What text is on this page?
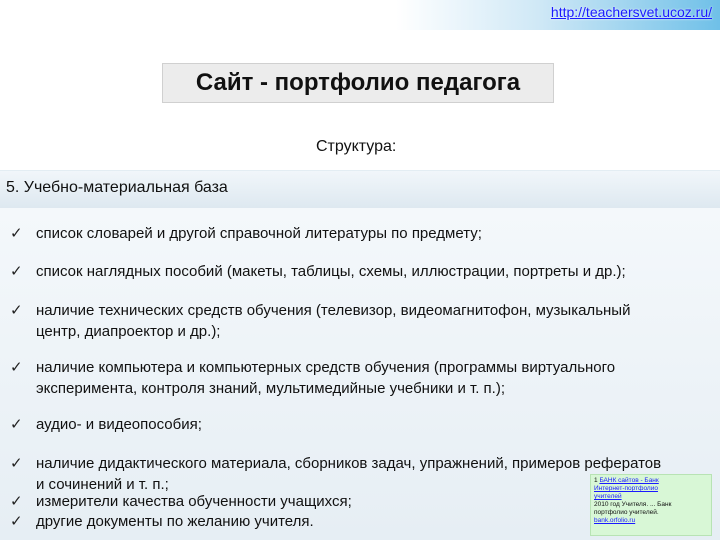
http://teachersvet.ucoz.ru/
Сайт - портфолио педагога
Структура:
5. Учебно-материальная база
✓ список словарей и другой справочной литературы по предмету;
✓ список наглядных пособий (макеты, таблицы, схемы, иллюстрации, портреты и др.);
✓ наличие технических средств обучения (телевизор, видеомагнитофон, музыкальный
центр, диапроектор и др.);
✓ наличие компьютера и компьютерных средств обучения (программы виртуального
эксперимента, контроля знаний, мультимедийные учебники и т. п.);
✓ аудио- и видеопособия;
✓ наличие дидактического материала, сборников задач, упражнений, примеров рефератов
и сочинений и т. п.;
✓ измерители качества обученности учащихся;
✓ другие документы по желанию учителя.
1 БАНК сайтов - Банк
Интернет-портфолио
учителей
2010 год Учителя. ... Банк
портфолио учителей.
bank.orfolio.ru
